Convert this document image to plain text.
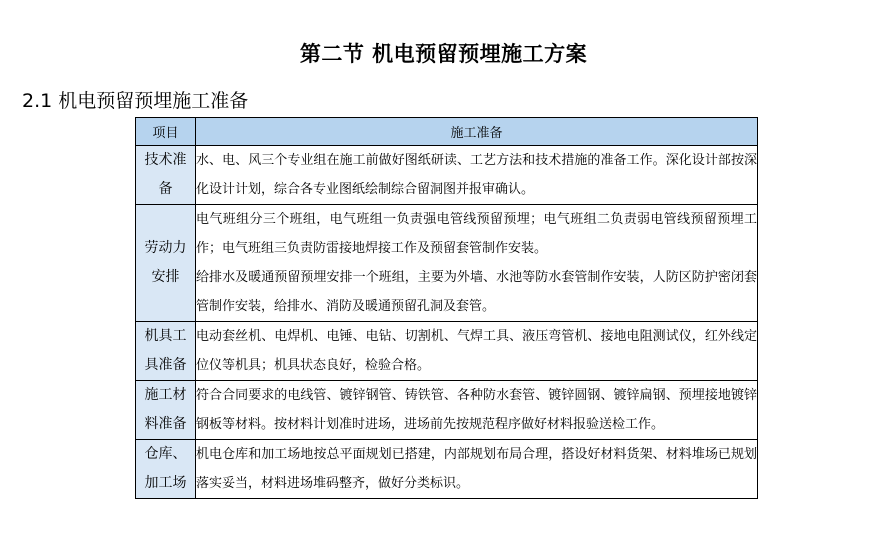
第二节 机电预留预埋施工方案
2.1 机电预留预埋施工准备
项目	施工准备

技术准
备	水、电、风三个专业组在施工前做好图纸研读、工艺方法和技术措施的准备工作。深化设计部按深化设计计划，综合各专业图纸绘制综合留洞图并报审确认。

劳动力
安排	电气班组分三个班组，电气班组一负责强电管线预留预埋；电气班组二负责弱电管线预留预埋工作；电气班组三负责防雷接地焊接工作及预留套管制作安装。
给排水及暖通预留预埋安排一个班组，主要为外墙、水池等防水套管制作安装，人防区防护密闭套管制作安装，给排水、消防及暖通预留孔洞及套管。

机具工
具准备	电动套丝机、电焊机、电锤、电钻、切割机、气焊工具、液压弯管机、接地电阻测试仪，红外线定位仪等机具；机具状态良好，检验合格。

施工材
料准备	符合合同要求的电线管、镀锌钢管、铸铁管、各种防水套管、镀锌圆钢、镀锌扁钢、预埋接地镀锌钢板等材料。按材料计划准时进场，进场前先按规范程序做好材料报验送检工作。

仓库、
加工场	机电仓库和加工场地按总平面规划已搭建，内部规划布局合理，搭设好材料货架、材料堆场已规划落实妥当，材料进场堆码整齐，做好分类标识。
